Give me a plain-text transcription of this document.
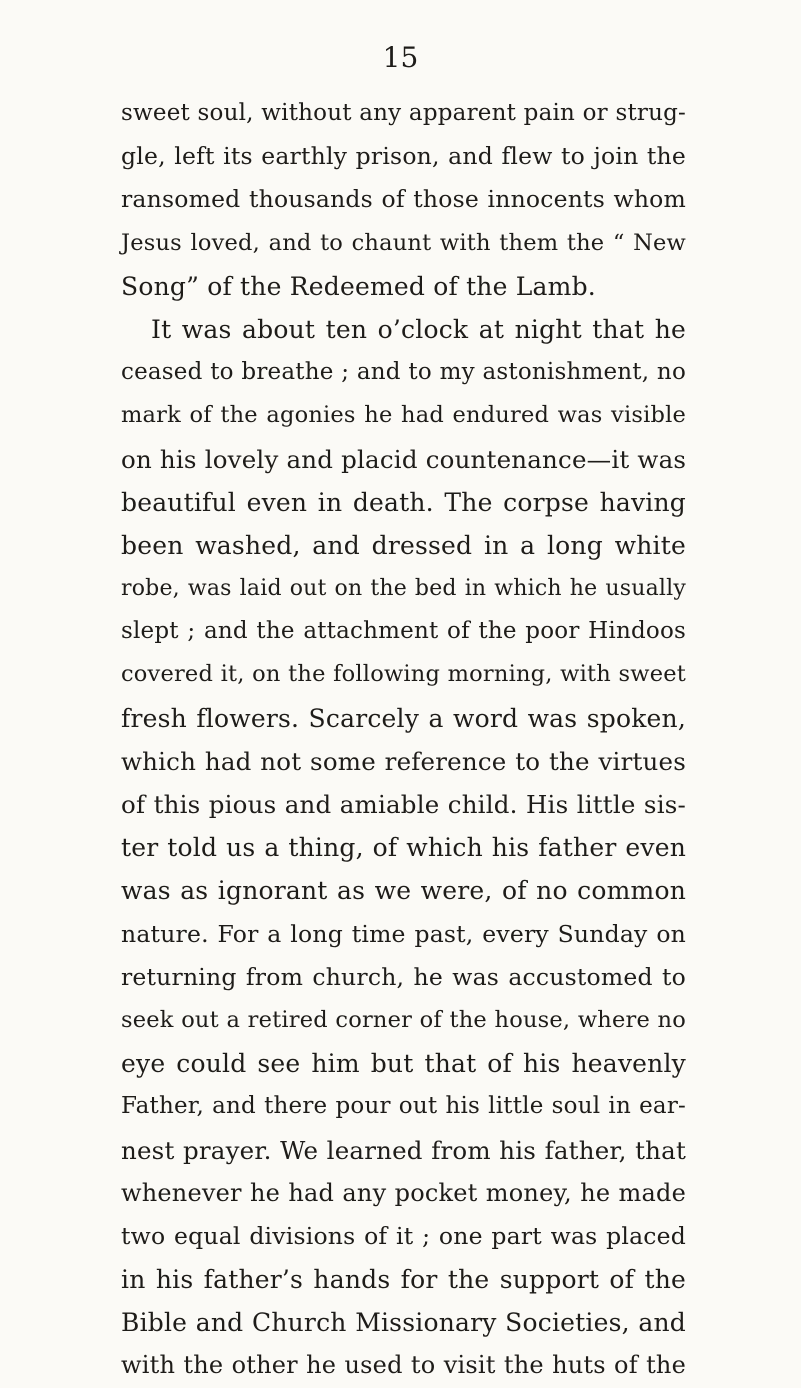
15
sweet soul, without any apparent pain or strug-
gle, left its earthly prison, and flew to join the
ransomed thousands of those innocents whom
Jesus loved, and to chaunt with them the “ New
Song” of the Redeemed of the Lamb.
It was about ten o’clock at night that he
ceased to breathe ; and to my astonishment, no
mark of the agonies he had endured was visible
on his lovely and placid countenance—it was
beautiful even in death. The corpse having
been washed, and dressed in a long white
robe, was laid out on the bed in which he usually
slept ; and the attachment of the poor Hindoos
covered it, on the following morning, with sweet
fresh flowers. Scarcely a word was spoken,
which had not some reference to the virtues
of this pious and amiable child. His little sis-
ter told us a thing, of which his father even
was as ignorant as we were, of no common
nature. For a long time past, every Sunday on
returning from church, he was accustomed to
seek out a retired corner of the house, where no
eye could see him but that of his heavenly
Father, and there pour out his little soul in ear-
nest prayer. We learned from his father, that
whenever he had any pocket money, he made
two equal divisions of it ; one part was placed
in his father’s hands for the support of the
Bible and Church Missionary Societies, and
with the other he used to visit the huts of the
